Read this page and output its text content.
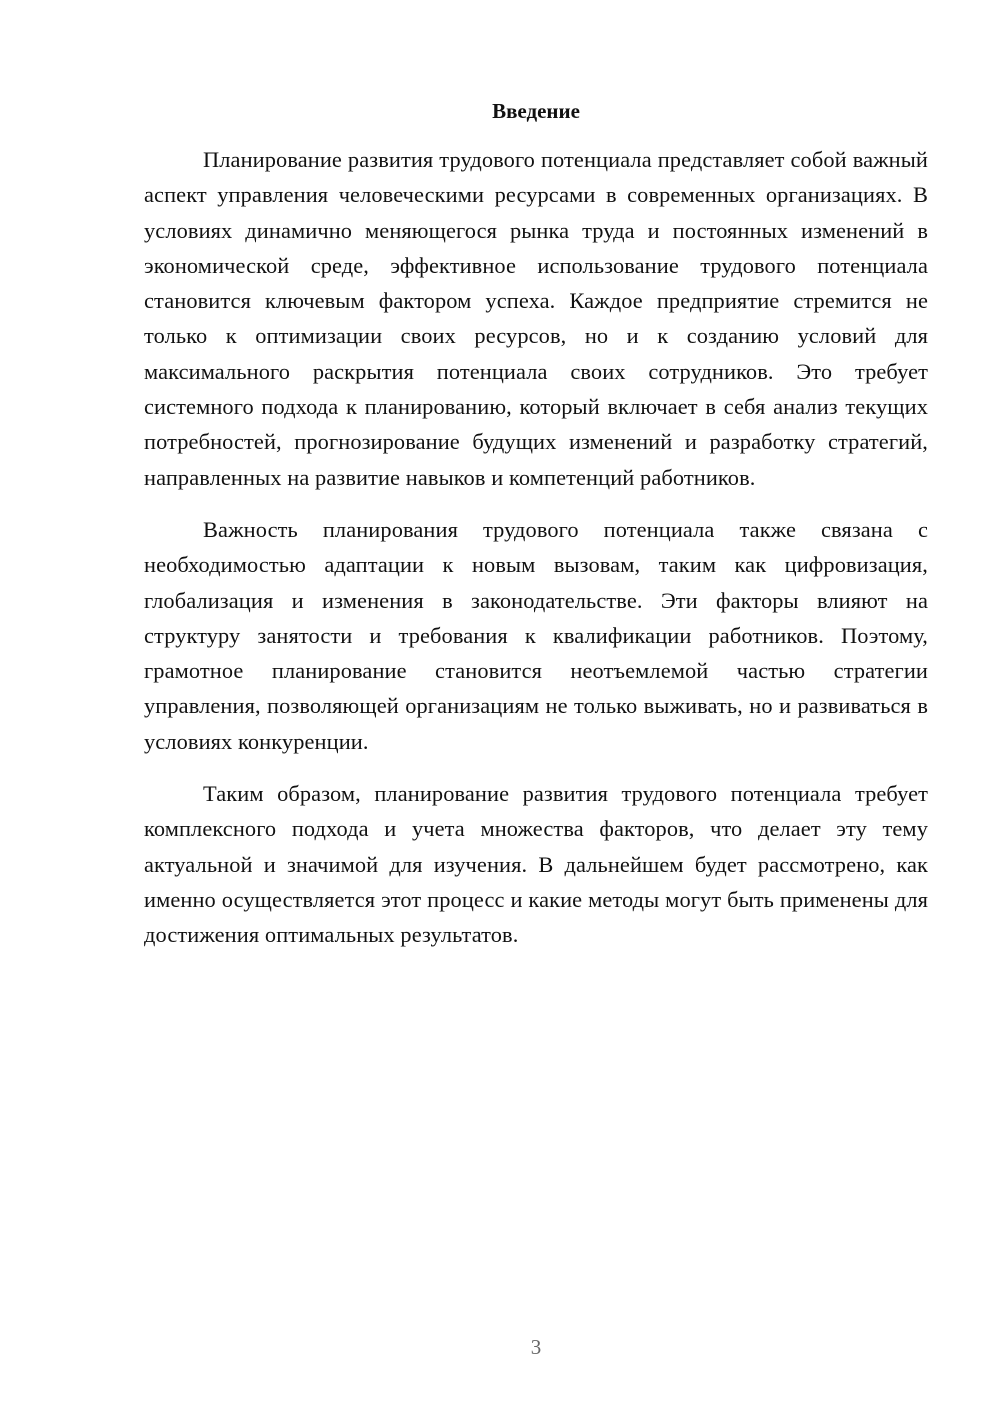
Введение

Планирование развития трудового потенциала представляет собой важный аспект управления человеческими ресурсами в современных организациях. В условиях динамично меняющегося рынка труда и постоянных изменений в экономической среде, эффективное использование трудового потенциала становится ключевым фактором успеха. Каждое предприятие стремится не только к оптимизации своих ресурсов, но и к созданию условий для максимального раскрытия потенциала своих сотрудников. Это требует системного подхода к планированию, который включает в себя анализ текущих потребностей, прогнозирование будущих изменений и разработку стратегий, направленных на развитие навыков и компетенций работников.

Важность планирования трудового потенциала также связана с необходимостью адаптации к новым вызовам, таким как цифровизация, глобализация и изменения в законодательстве. Эти факторы влияют на структуру занятости и требования к квалификации работников. Поэтому, грамотное планирование становится неотъемлемой частью стратегии управления, позволяющей организациям не только выживать, но и развиваться в условиях конкуренции.

Таким образом, планирование развития трудового потенциала требует комплексного подхода и учета множества факторов, что делает эту тему актуальной и значимой для изучения. В дальнейшем будет рассмотрено, как именно осуществляется этот процесс и какие методы могут быть применены для достижения оптимальных результатов.

3
